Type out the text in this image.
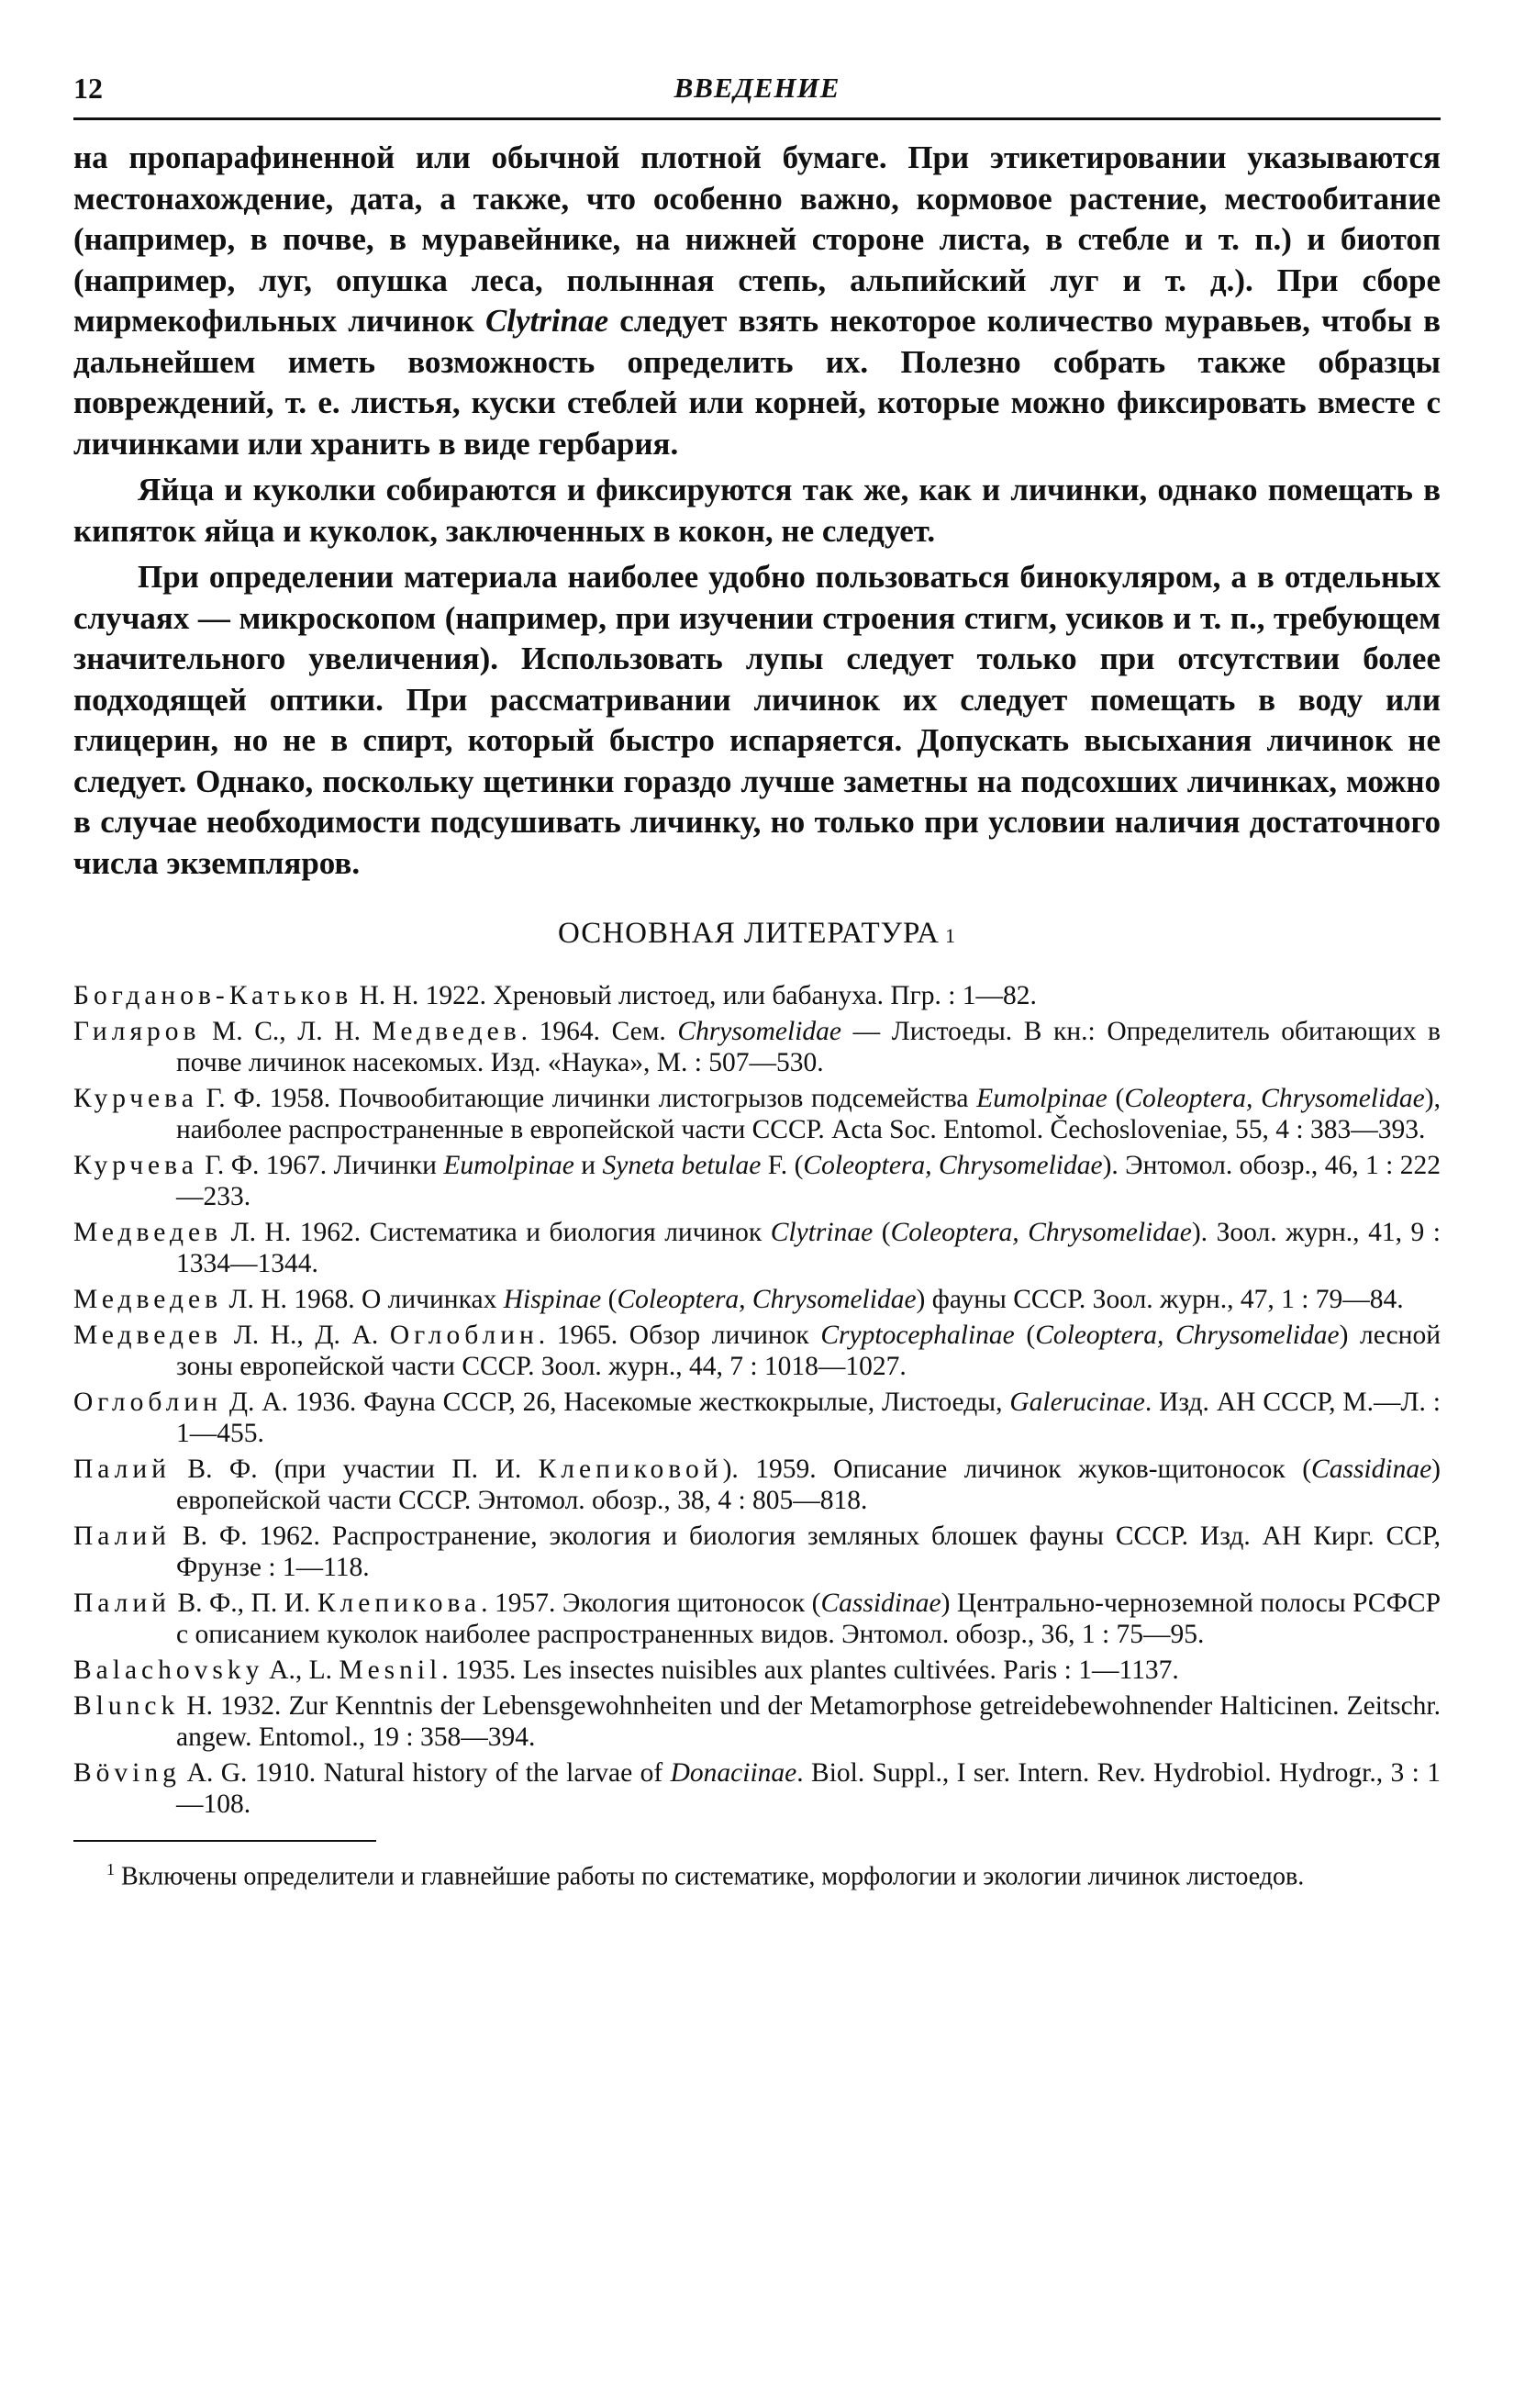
12	ВВЕДЕНИЕ

на пропарафиненной или обычной плотной бумаге. При этикетировании указываются местонахождение, дата, а также, что особенно важно, кормовое растение, местообитание (например, в почве, в муравейнике, на нижней стороне листа, в стебле и т. п.) и биотоп (например, луг, опушка леса, полынная степь, альпийский луг и т. д.). При сборе мирмекофильных личинок Clytrinae следует взять некоторое количество муравьев, чтобы в дальнейшем иметь возможность определить их. Полезно собрать также образцы повреждений, т. е. листья, куски стеблей или корней, которые можно фиксировать вместе с личинками или хранить в виде гербария.

Яйца и куколки собираются и фиксируются так же, как и личинки, однако помещать в кипяток яйца и куколок, заключенных в кокон, не следует.

При определении материала наиболее удобно пользоваться бинокуляром, а в отдельных случаях — микроскопом (например, при изучении строения стигм, усиков и т. п., требующем значительного увеличения). Использовать лупы следует только при отсутствии более подходящей оптики. При рассматривании личинок их следует помещать в воду или глицерин, но не в спирт, который быстро испаряется. Допускать высыхания личинок не следует. Однако, поскольку щетинки гораздо лучше заметны на подсохших личинках, можно в случае необходимости подсушивать личинку, но только при условии наличия достаточного числа экземпляров.

ОСНОВНАЯ ЛИТЕРАТУРА 1

Богданов-Катьков Н. Н. 1922. Хреновый листоед, или бабануха. Пгр. : 1—82.

Гиляров М. С., Л. Н. Медведев. 1964. Сем. Chrysomelidae — Листоеды. В кн.: Определитель обитающих в почве личинок насекомых. Изд. «Наука», М. : 507—530.

Курчева Г. Ф. 1958. Почвообитающие личинки листогрызов подсемейства Eumolpinae (Coleoptera, Chrysomelidae), наиболее распространенные в европейской части СССР. Acta Soc. Entomol. Čechosloveniae, 55, 4 : 383—393.

Курчева Г. Ф. 1967. Личинки Eumolpinae и Syneta betulae F. (Coleoptera, Chrysomelidae). Энтомол. обозр., 46, 1 : 222—233.

Медведев Л. Н. 1962. Систематика и биология личинок Clytrinae (Coleoptera, Chrysomelidae). Зоол. журн., 41, 9 : 1334—1344.

Медведев Л. Н. 1968. О личинках Hispinae (Coleoptera, Chrysomelidae) фауны СССР. Зоол. журн., 47, 1 : 79—84.

Медведев Л. Н., Д. А. Оглоблин. 1965. Обзор личинок Cryptocephalinae (Coleoptera, Chrysomelidae) лесной зоны европейской части СССР. Зоол. журн., 44, 7 : 1018—1027.

Оглоблин Д. А. 1936. Фауна СССР, 26, Насекомые жесткокрылые, Листоеды, Galerucinae. Изд. АН СССР, М.—Л. : 1—455.

Палий В. Ф. (при участии П. И. Клепиковой). 1959. Описание личинок жуков-щитоносок (Cassidinae) европейской части СССР. Энтомол. обозр., 38, 4 : 805—818.

Палий В. Ф. 1962. Распространение, экология и биология земляных блошек фауны СССР. Изд. АН Кирг. ССР, Фрунзе : 1—118.

Палий В. Ф., П. И. Клепикова. 1957. Экология щитоносок (Cassidinae) Центрально-черноземной полосы РСФСР с описанием куколок наиболее распространенных видов. Энтомол. обозр., 36, 1 : 75—95.

Balachovsky A., L. Mesnil. 1935. Les insectes nuisibles aux plantes cultivées. Paris : 1—1137.

Blunck H. 1932. Zur Kenntnis der Lebensgewohnheiten und der Metamorphose getreidebewohnender Halticinen. Zeitschr. angew. Entomol., 19 : 358—394.

Böving A. G. 1910. Natural history of the larvae of Donaciinae. Biol. Suppl., I ser. Intern. Rev. Hydrobiol. Hydrogr., 3 : 1—108.

$^1$ Включены определители и главнейшие работы по систематике, морфологии и экологии личинок листоедов.
